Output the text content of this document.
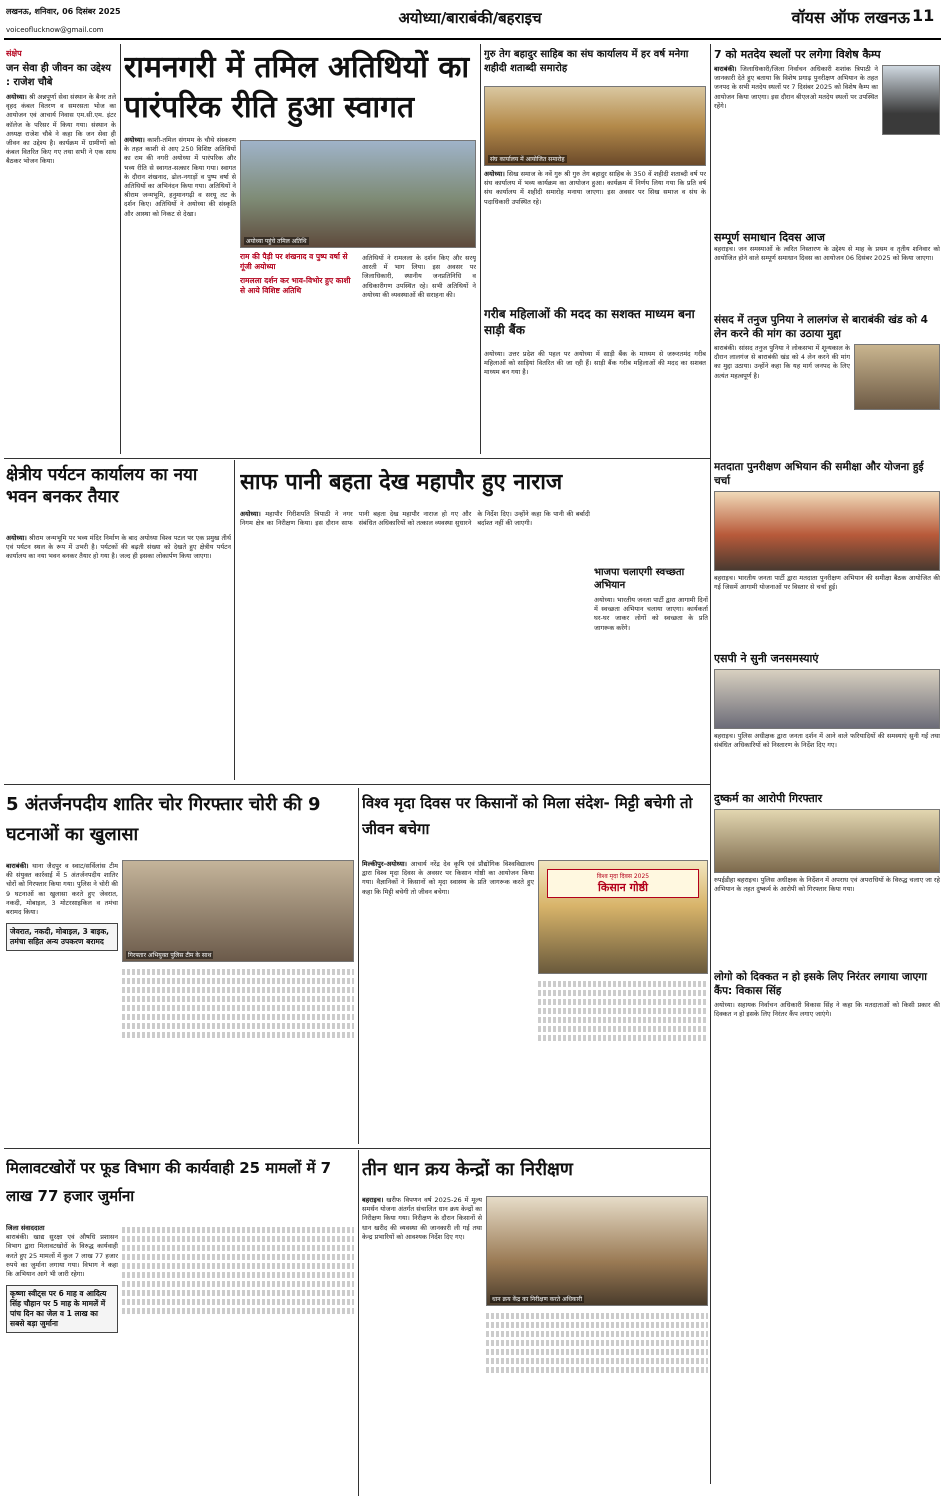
लखनऊ, शनिवार, 06 दिसंबर 2025
voiceoflucknow@gmail.com
अयोध्या/बाराबंकी/बहराइच	वॉयस ऑफ लखनऊ 11
संक्षेप
जन सेवा ही जीवन का उद्देश्य : राजेश चौबे
अयोध्या। श्री अन्नपूर्णा सेवा संस्थान के बैनर तले वृहद कंबल वितरण व समरसता भोज का आयोजन एवं आचार्य निवास एम.सी.एम. इंटर कॉलेज के परिसर में किया गया। संस्थान के अध्यक्ष राजेश चौबे ने कहा कि जन सेवा ही जीवन का उद्देश्य है। कार्यक्रम में ग्रामीणों को कंबल वितरित किए गए तथा सभी ने एक साथ बैठकर भोजन किया।
रामनगरी में तमिल अतिथियों का पारंपरिक रीति हुआ स्वागत
अयोध्या। काशी-तमिल संगमम के चौथे संस्करण के तहत काशी से आए 250 विशिष्ट अतिथियों का राम की नगरी अयोध्या में पारंपरिक और भव्य रीति से स्वागत-सत्कार किया गया। स्वागत के दौरान शंखनाद, ढोल-नगाड़ों व पुष्प वर्षा से अतिथियों का अभिनंदन किया गया। अतिथियों ने श्रीराम जन्मभूमि, हनुमानगढ़ी व सरयू तट के दर्शन किए। अतिथियों ने अयोध्या की संस्कृति और आस्था को निकट से देखा।
अयोध्या पहुंचे तमिल अतिथि
राम की पैड़ी पर शंखनाद व पुष्प वर्षा से गूंजी अयोध्या
रामलला दर्शन कर भाव-विभोर हुए काशी से आये विशिष्ट अतिथि
अतिथियों ने रामलला के दर्शन किए और सरयू आरती में भाग लिया। इस अवसर पर जिलाधिकारी, स्थानीय जनप्रतिनिधि व अधिकारीगण उपस्थित रहे। सभी अतिथियों ने अयोध्या की व्यवस्थाओं की सराहना की।
गुरु तेग बहादुर साहिब का संघ कार्यालय में हर वर्ष मनेगा शहीदी शताब्दी समारोह
संघ कार्यालय में आयोजित समारोह
अयोध्या। सिख समाज के नवें गुरु श्री गुरु तेग बहादुर साहिब के 350 वें शहीदी शताब्दी वर्ष पर संघ कार्यालय में भव्य कार्यक्रम का आयोजन हुआ। कार्यक्रम में निर्णय लिया गया कि प्रति वर्ष संघ कार्यालय में शहीदी समारोह मनाया जाएगा। इस अवसर पर सिख समाज व संघ के पदाधिकारी उपस्थित रहे।
गरीब महिलाओं की मदद का सशक्त माध्यम बना साड़ी बैंक
अयोध्या। उत्तर प्रदेश की पहल पर अयोध्या में साड़ी बैंक के माध्यम से जरूरतमंद गरीब महिलाओं को साड़ियां वितरित की जा रही हैं। साड़ी बैंक गरीब महिलाओं की मदद का सशक्त माध्यम बन गया है।
7 को मतदेय स्थलों पर लगेगा विशेष कैम्प
बाराबंकी। जिलाधिकारी/जिला निर्वाचन अधिकारी शशांक त्रिपाठी ने जानकारी देते हुए बताया कि विशेष प्रगाढ़ पुनरीक्षण अभियान के तहत जनपद के सभी मतदेय स्थलों पर 7 दिसंबर 2025 को विशेष कैम्प का आयोजन किया जाएगा। इस दौरान बीएलओ मतदेय स्थलों पर उपस्थित रहेंगे।
सम्पूर्ण समाधान दिवस आज
बहराइच। जन समस्याओं के त्वरित निस्तारण के उद्देश्य से माह के प्रथम व तृतीय शनिवार को आयोजित होने वाले सम्पूर्ण समाधान दिवस का आयोजन 06 दिसंबर 2025 को किया जाएगा।
संसद में तनुज पुनिया ने लालगंज से बाराबंकी खंड को 4 लेन करने की मांग का उठाया मुद्दा
बाराबंकी। सांसद तनुज पुनिया ने लोकसभा में शून्यकाल के दौरान लालगंज से बाराबंकी खंड को 4 लेन करने की मांग का मुद्दा उठाया। उन्होंने कहा कि यह मार्ग जनपद के लिए अत्यंत महत्वपूर्ण है।
मतदाता पुनरीक्षण अभियान की समीक्षा और योजना हुई चर्चा
बहराइच। भारतीय जनता पार्टी द्वारा मतदाता पुनरीक्षण अभियान की समीक्षा बैठक आयोजित की गई जिसमें आगामी योजनाओं पर विस्तार से चर्चा हुई।
एसपी ने सुनी जनसमस्याएं
बहराइच। पुलिस अधीक्षक द्वारा जनता दर्शन में आने वाले फरियादियों की समस्याएं सुनी गईं तथा संबंधित अधिकारियों को निस्तारण के निर्देश दिए गए।
दुष्कर्म का आरोपी गिरफ्तार
रुपईडीहा बहराइच। पुलिस अधीक्षक के निर्देशन में अपराध एवं अपराधियों के विरुद्ध चलाए जा रहे अभियान के तहत दुष्कर्म के आरोपी को गिरफ्तार किया गया।
लोगो को दिक्कत न हो इसके लिए निरंतर लगाया जाएगा कैंप: विकास सिंह
अयोध्या। सहायक निर्वाचन अधिकारी विकास सिंह ने कहा कि मतदाताओं को किसी प्रकार की दिक्कत न हो इसके लिए निरंतर कैंप लगाए जाएंगे।
क्षेत्रीय पर्यटन कार्यालय का नया भवन बनकर तैयार
अयोध्या। श्रीराम जन्मभूमि पर भव्य मंदिर निर्माण के बाद अयोध्या विश्व पटल पर एक प्रमुख तीर्थ एवं पर्यटन स्थल के रूप में उभरी है। पर्यटकों की बढ़ती संख्या को देखते हुए क्षेत्रीय पर्यटन कार्यालय का नया भवन बनकर तैयार हो गया है। जल्द ही इसका लोकार्पण किया जाएगा।
साफ पानी बहता देख महापौर हुए नाराज
अयोध्या। महापौर गिरीशपति त्रिपाठी ने नगर निगम क्षेत्र का निरीक्षण किया। इस दौरान साफ पानी बहता देख महापौर नाराज हो गए और संबंधित अधिकारियों को तत्काल व्यवस्था सुधारने के निर्देश दिए। उन्होंने कहा कि पानी की बर्बादी बर्दाश्त नहीं की जाएगी।
भाजपा चलाएगी स्वच्छता अभियान
अयोध्या। भारतीय जनता पार्टी द्वारा आगामी दिनों में स्वच्छता अभियान चलाया जाएगा। कार्यकर्ता घर-घर जाकर लोगों को स्वच्छता के प्रति जागरूक करेंगे।
5 अंतर्जनपदीय शातिर चोर गिरफ्तार चोरी की 9 घटनाओं का खुलासा
गिरफ्तार अभियुक्त पुलिस टीम के साथ
बाराबंकी। थाना जैदपुर व स्वाट/सर्विलांस टीम की संयुक्त कार्रवाई में 5 अंतर्जनपदीय शातिर चोरों को गिरफ्तार किया गया। पुलिस ने चोरी की 9 घटनाओं का खुलासा करते हुए जेवरात, नकदी, मोबाइल, 3 मोटरसाइकिल व तमंचा बरामद किया।
जेवरात, नकदी, मोबाइल, 3 बाइक, तमंचा सहित अन्य उपकरण बरामद
विश्व मृदा दिवस पर किसानों को मिला संदेश- मिट्टी बचेगी तो जीवन बचेगा
मिल्कीपुर-अयोध्या। आचार्य नरेंद्र देव कृषि एवं प्रौद्योगिक विश्वविद्यालय द्वारा विश्व मृदा दिवस के अवसर पर किसान गोष्ठी का आयोजन किया गया। वैज्ञानिकों ने किसानों को मृदा स्वास्थ्य के प्रति जागरूक करते हुए कहा कि मिट्टी बचेगी तो जीवन बचेगा।
विश्व मृदा दिवस 2025
किसान गोष्ठी
मिलावटखोरों पर फूड विभाग की कार्यवाही 25 मामलों में 7 लाख 77 हजार जुर्माना
जिला संवाददाता
बाराबंकी। खाद्य सुरक्षा एवं औषधि प्रशासन विभाग द्वारा मिलावटखोरों के विरुद्ध कार्यवाही करते हुए 25 मामलों में कुल 7 लाख 77 हजार रुपये का जुर्माना लगाया गया। विभाग ने कहा कि अभियान आगे भी जारी रहेगा।
कृष्णा स्वीट्स पर 6 माह व आदित्य सिंह चौहान पर 5 माह के मामलें में पांच दिन का जेल व 1 लाख का सबसे बड़ा जुर्माना
तीन धान क्रय केन्द्रों का निरीक्षण
बहराइच। खरीफ विपणन वर्ष 2025-26 में मूल्य समर्थन योजना अंतर्गत संचालित धान क्रय केन्द्रों का निरीक्षण किया गया। निरीक्षण के दौरान किसानों से धान खरीद की व्यवस्था की जानकारी ली गई तथा केन्द्र प्रभारियों को आवश्यक निर्देश दिए गए।
धान क्रय केंद्र का निरीक्षण करते अधिकारी
